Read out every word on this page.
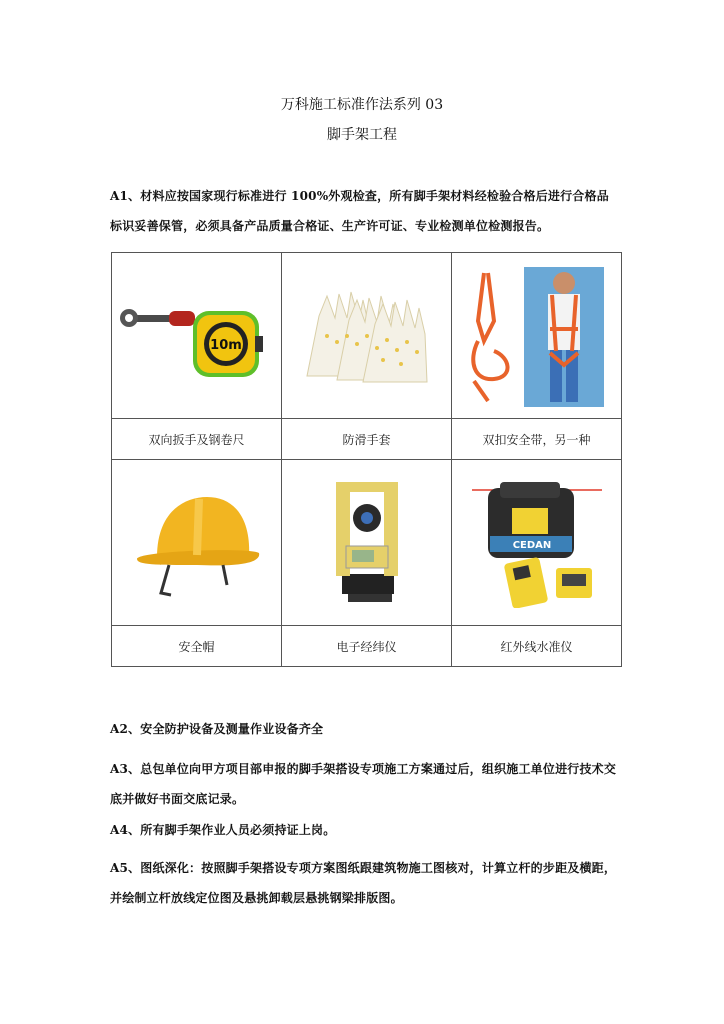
万科施工标准作法系列 03
脚手架工程
A1、材料应按国家现行标准进行 100%外观检查，所有脚手架材料经检验合格后进行合格品标识妥善保管，必须具备产品质量合格证、生产许可证、专业检测单位检测报告。
10m

双向扳手及钢卷尺	防滑手套	双扣安全带，另一种

CEDAN

安全帽	电子经纬仪	红外线水准仪
A2、安全防护设备及测量作业设备齐全
A3、总包单位向甲方项目部申报的脚手架搭设专项施工方案通过后，组织施工单位进行技术交底并做好书面交底记录。
A4、所有脚手架作业人员必须持证上岗。
A5、图纸深化：按照脚手架搭设专项方案图纸跟建筑物施工图核对，计算立杆的步距及横距，并绘制立杆放线定位图及悬挑卸载层悬挑钢梁排版图。
